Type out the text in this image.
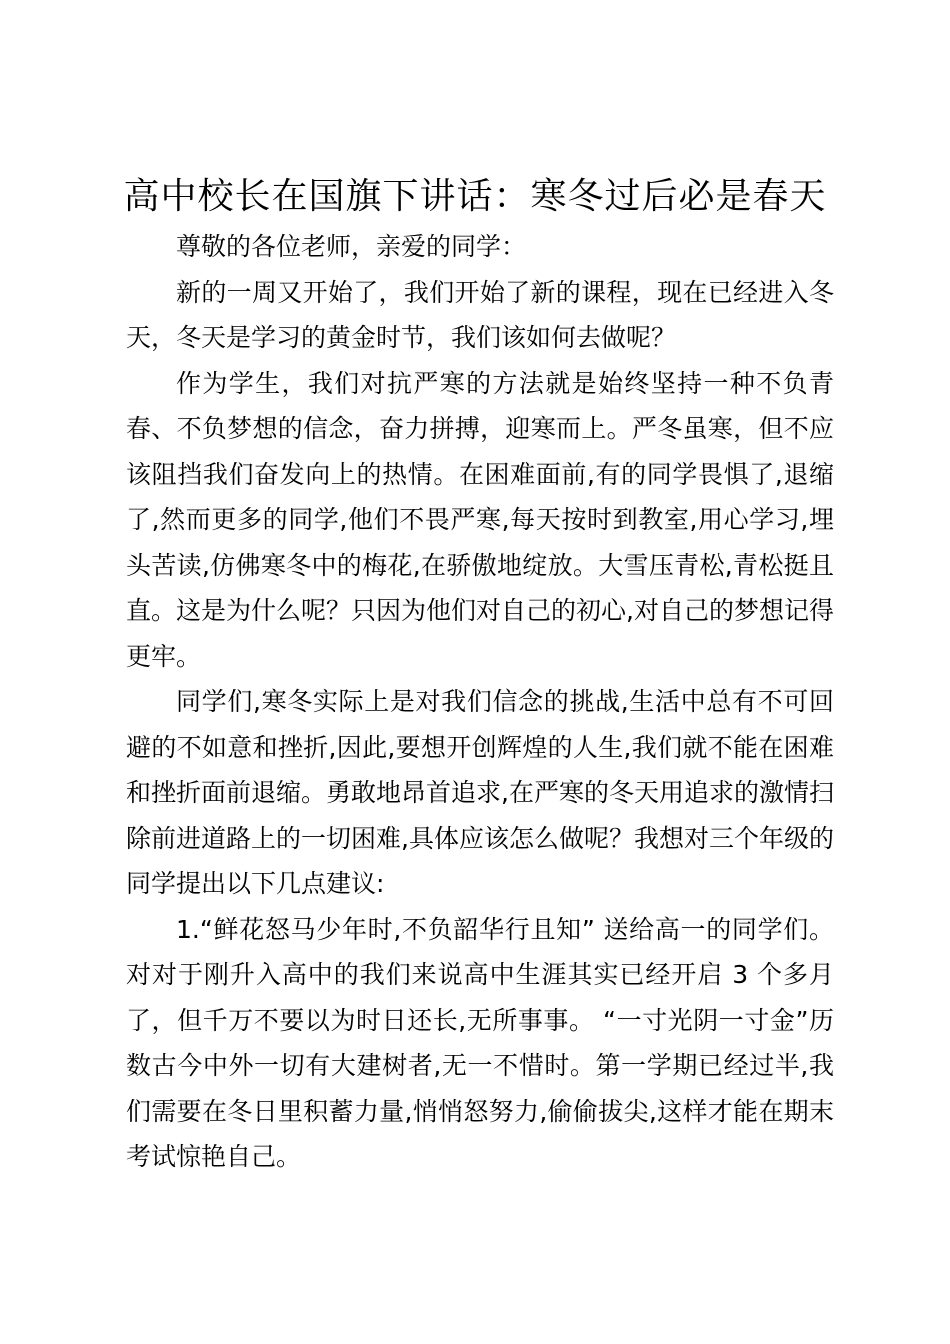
高中校长在国旗下讲话：寒冬过后必是春天

尊敬的各位老师，亲爱的同学：

新的一周又开始了，我们开始了新的课程，现在已经进入冬天，冬天是学习的黄金时节，我们该如何去做呢？

作为学生，我们对抗严寒的方法就是始终坚持一种不负青春、不负梦想的信念，奋力拼搏，迎寒而上。严冬虽寒，但不应该阻挡我们奋发向上的热情。在困难面前,有的同学畏惧了,退缩了,然而更多的同学,他们不畏严寒,每天按时到教室,用心学习,埋头苦读,仿佛寒冬中的梅花,在骄傲地绽放。大雪压青松,青松挺且直。这是为什么呢？只因为他们对自己的初心,对自己的梦想记得更牢。

同学们,寒冬实际上是对我们信念的挑战,生活中总有不可回避的不如意和挫折,因此,要想开创辉煌的人生,我们就不能在困难和挫折面前退缩。勇敢地昂首追求,在严寒的冬天用追求的激情扫除前进道路上的一切困难,具体应该怎么做呢？我想对三个年级的同学提出以下几点建议:

1.“鲜花怒马少年时,不负韶华行且知” 送给高一的同学们。对对于刚升入高中的我们来说高中生涯其实已经开启 3 个多月了，但千万不要以为时日还长,无所事事。 “一寸光阴一寸金”历数古今中外一切有大建树者,无一不惜时。第一学期已经过半,我们需要在冬日里积蓄力量,悄悄怒努力,偷偷拔尖,这样才能在期末考试惊艳自己。
